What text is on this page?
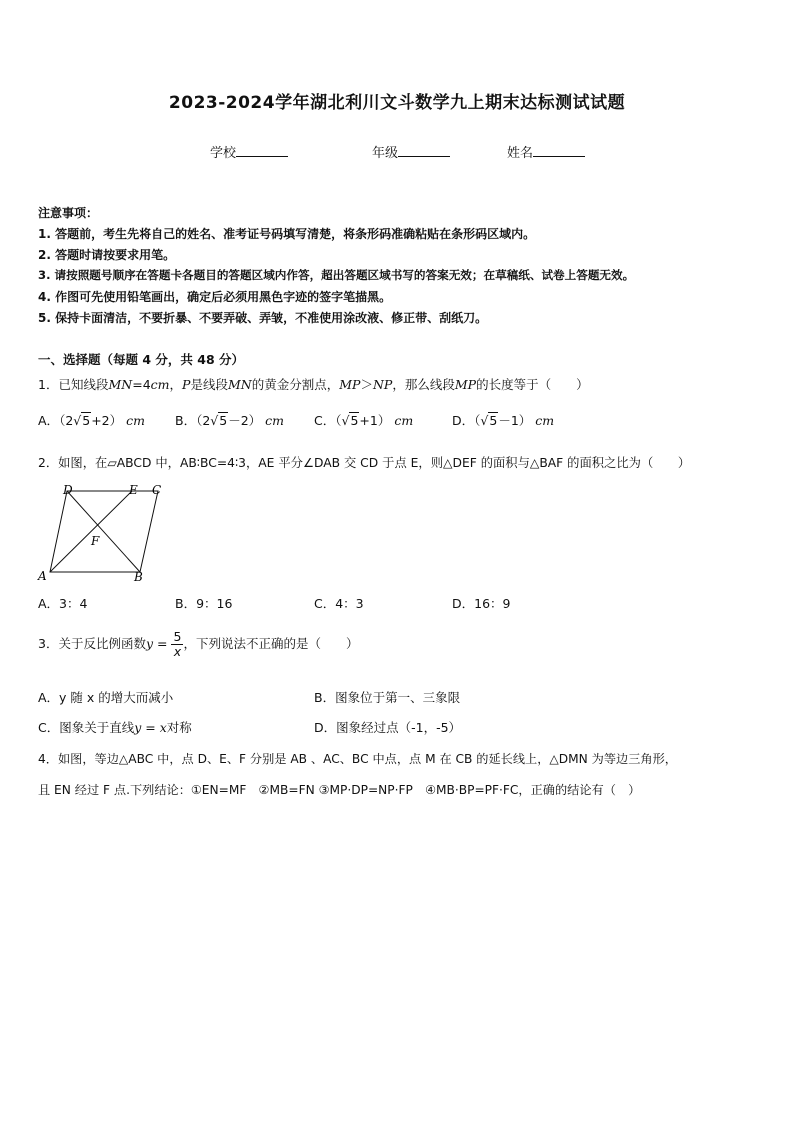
2023-2024学年湖北利川文斗数学九上期末达标测试试题
学校	年级	姓名
注意事项：
1. 答题前，考生先将自己的姓名、准考证号码填写清楚，将条形码准确粘贴在条形码区域内。
2. 答题时请按要求用笔。
3. 请按照题号顺序在答题卡各题目的答题区域内作答，超出答题区域书写的答案无效；在草稿纸、试卷上答题无效。
4. 作图可先使用铅笔画出，确定后必须用黑色字迹的签字笔描黑。
5. 保持卡面清洁，不要折暴、不要弄破、弄皱，不准使用涂改液、修正带、刮纸刀。
一、选择题（每题 4 分，共 48 分）
1．已知线段MN=4cm，P是线段MN的黄金分割点，MP＞NP，那么线段MP的长度等于（　　）
A．（2√5+2） cm B．（2√5－2） cm C．（√5+1） cm	D．（√5－1） cm
2．如图，在▱ABCD 中，AB∶BC=4∶3，AE 平分∠DAB 交 CD 于点 E，则△DEF 的面积与△BAF 的面积之比为（　　）
D	E C
F
A	B
A．3：4	B．9：16	C．4：3	D．16：9
3．关于反比例函数$y = \frac{5}{x}$ ，下列说法不正确的是（　　）
A．y 随 x 的增大而减小	B．图象位于第一、三象限
C．图象关于直线y = x对称	D．图象经过点（-1，-5）
4．如图，等边△ABC 中，点 D、E、F 分别是 AB 、AC、BC 中点，点 M 在 CB 的延长线上，△DMN 为等边三角形，
且 EN 经过 F 点.下列结论：①EN=MF　②MB=FN ③MP·DP=NP·FP　④MB·BP=PF·FC，正确的结论有（　）
